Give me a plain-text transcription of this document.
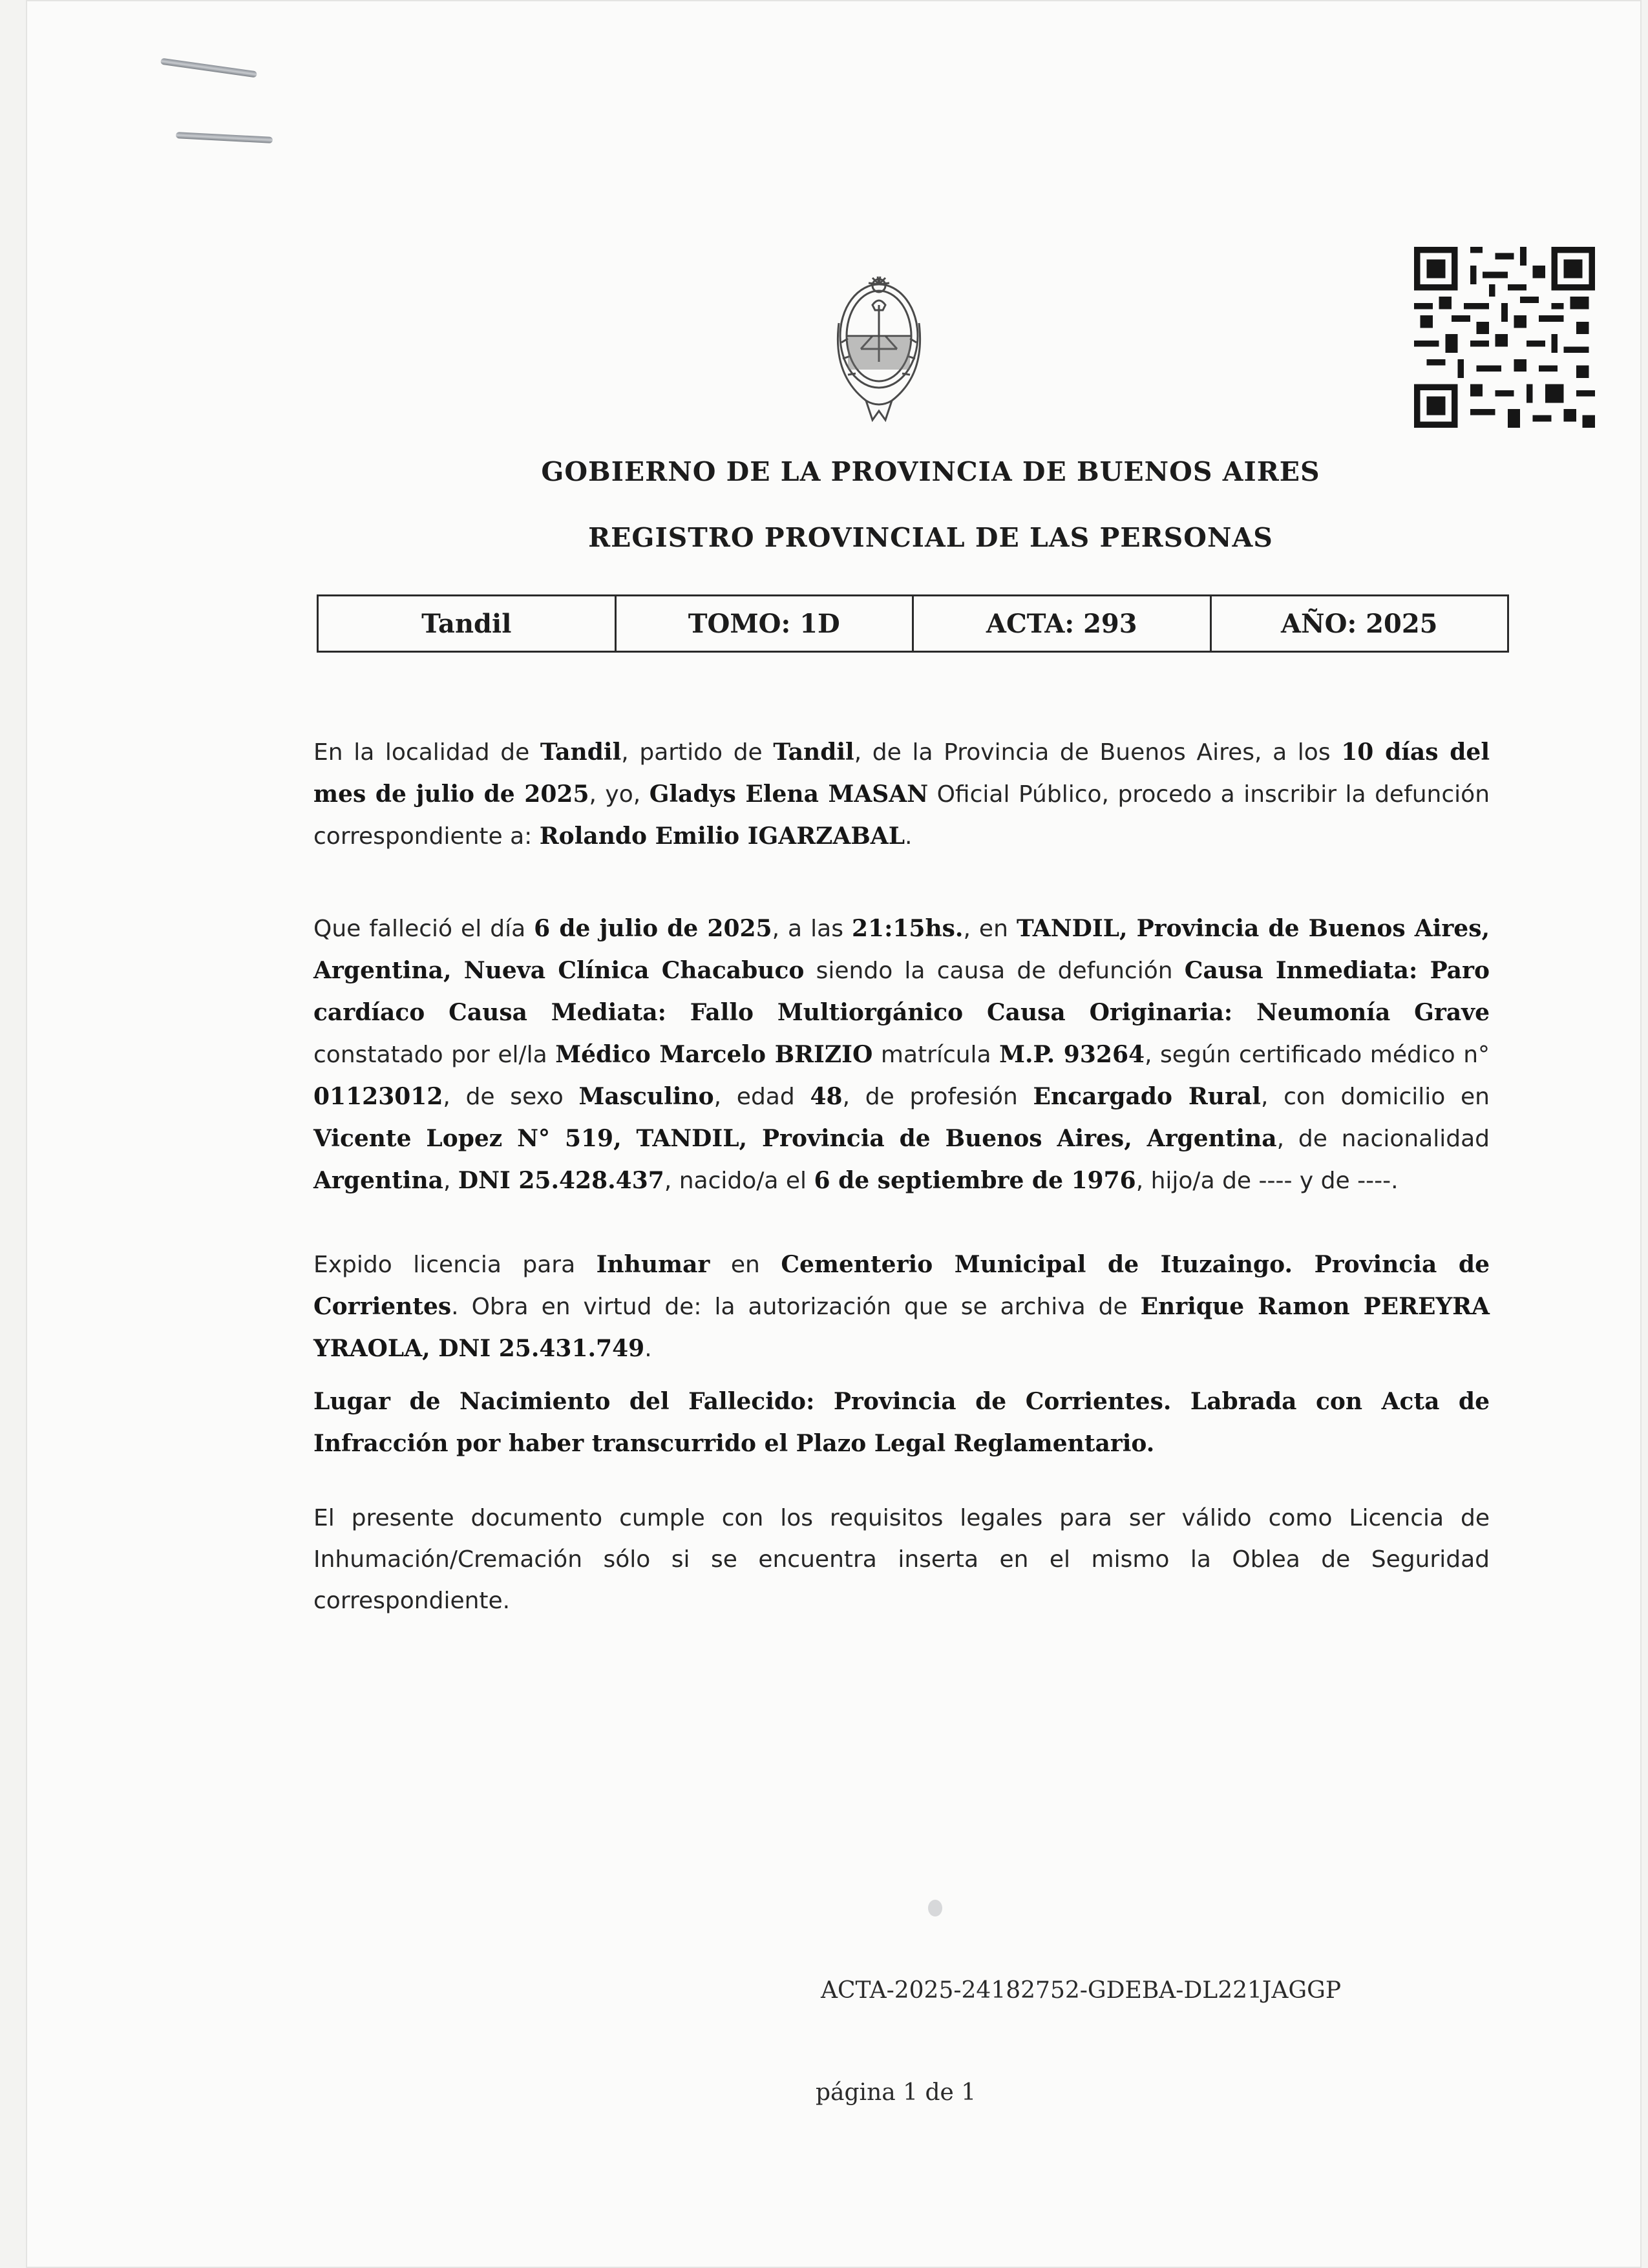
GOBIERNO DE LA PROVINCIA DE BUENOS AIRES
REGISTRO PROVINCIAL DE LAS PERSONAS
Tandil	TOMO: 1D	ACTA: 293	AÑO: 2025

En la localidad de Tandil, partido de Tandil, de la Provincia de Buenos Aires, a los 10 días del mes de julio de 2025, yo, Gladys Elena MASAN Oficial Público, procedo a inscribir la defunción correspondiente a: Rolando Emilio IGARZABAL.

Que falleció el día 6 de julio de 2025, a las 21:15hs., en TANDIL, Provincia de Buenos Aires, Argentina, Nueva Clínica Chacabuco siendo la causa de defunción Causa Inmediata: Paro cardíaco Causa Mediata: Fallo Multiorgánico Causa Originaria: Neumonía Grave constatado por el/la Médico Marcelo BRIZIO matrícula M.P. 93264, según certificado médico n° 01123012, de sexo Masculino, edad 48, de profesión Encargado Rural, con domicilio en Vicente Lopez N° 519, TANDIL, Provincia de Buenos Aires, Argentina, de nacionalidad Argentina, DNI 25.428.437, nacido/a el 6 de septiembre de 1976, hijo/a de ---- y de ----.

Expido licencia para Inhumar en Cementerio Municipal de Ituzaingo. Provincia de Corrientes. Obra en virtud de: la autorización que se archiva de Enrique Ramon PEREYRA YRAOLA, DNI 25.431.749.

Lugar de Nacimiento del Fallecido: Provincia de Corrientes. Labrada con Acta de Infracción por haber transcurrido el Plazo Legal Reglamentario.

El presente documento cumple con los requisitos legales para ser válido como Licencia de Inhumación/Cremación sólo si se encuentra inserta en el mismo la Oblea de Seguridad correspondiente.

ACTA-2025-24182752-GDEBA-DL221JAGGP

página 1 de 1
